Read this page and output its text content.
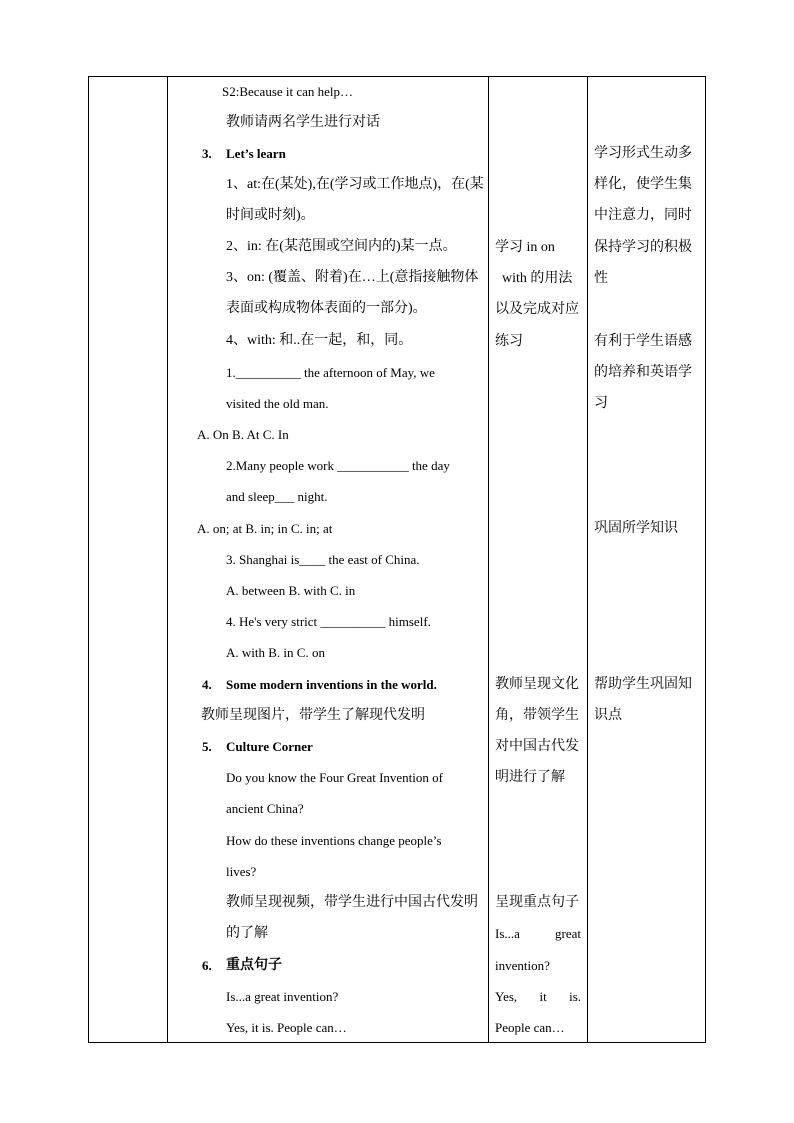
S2:Because it can help…
教师请两名学生进行对话
3. Let’s learn
1、at:在(某处),在(学习或工作地点)，在(某
时间或时刻)。
2、in: 在(某范围或空间内的)某一点。
3、on: (覆盖、附着)在…上(意指接触物体
表面或构成物体表面的一部分)。
4、with: 和..在一起，和，同。
1.__________ the afternoon of May, we
visited the old man.
A. On B. At C. In
2.Many people work ___________ the day
and sleep___ night.
A. on; at B. in; in C. in; at
3. Shanghai is____ the east of China.
A. between B. with C. in
4. He's very strict __________ himself.
A. with B. in C. on
4. Some modern inventions in the world.
教师呈现图片，带学生了解现代发明
5. Culture Corner
Do you know the Four Great Invention of
ancient China?
How do these inventions change people’s
lives?
教师呈现视频，带学生进行中国古代发明
的了解
6. 重点句子
Is...a great invention?
Yes, it is. People can…
学习 in on
with 的用法
以及完成对应
练习
教师呈现文化
角，带领学生
对中国古代发
明进行了解
呈现重点句子
Is...a great
invention?
Yes, it is.
People can…
学习形式生动多
样化，使学生集
中注意力，同时
保持学习的积极
性
有利于学生语感
的培养和英语学
习
巩固所学知识
帮助学生巩固知
识点
